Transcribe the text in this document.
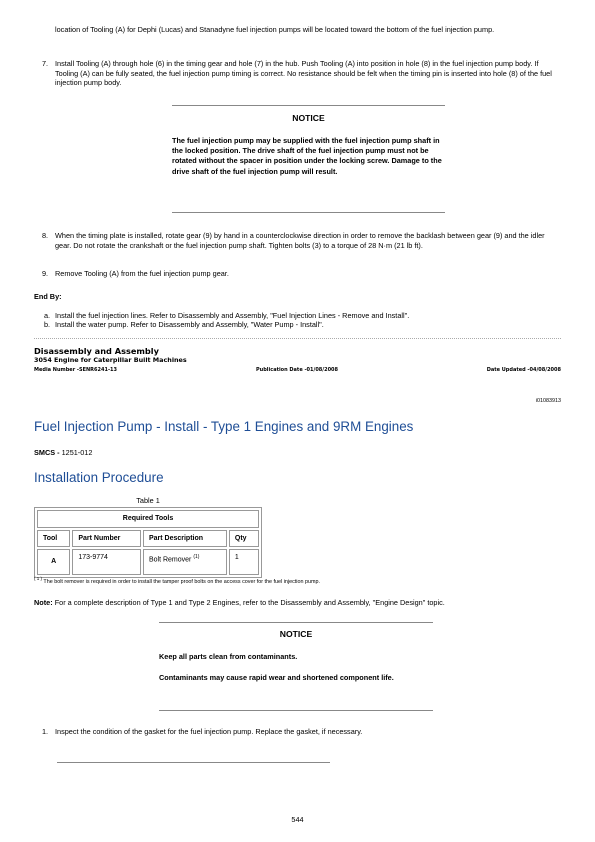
location of Tooling (A) for Dephi (Lucas) and Stanadyne fuel injection pumps will be located toward the bottom of the fuel injection pump.
7. Install Tooling (A) through hole (6) in the timing gear and hole (7) in the hub. Push Tooling (A) into position in hole (8) in the fuel injection pump body. If Tooling (A) can be fully seated, the fuel injection pump timing is correct. No resistance should be felt when the timing pin is inserted into hole (8) of the fuel injection pump body.
NOTICE
The fuel injection pump may be supplied with the fuel injection pump shaft in the locked position. The drive shaft of the fuel injection pump must not be rotated without the spacer in position under the locking screw. Damage to the drive shaft of the fuel injection pump will result.
8. When the timing plate is installed, rotate gear (9) by hand in a counterclockwise direction in order to remove the backlash between gear (9) and the idler gear. Do not rotate the crankshaft or the fuel injection pump shaft. Tighten bolts (3) to a torque of 28 N·m (21 lb ft).
9. Remove Tooling (A) from the fuel injection pump gear.
End By:
a. Install the fuel injection lines. Refer to Disassembly and Assembly, "Fuel Injection Lines - Remove and Install".
b. Install the water pump. Refer to Disassembly and Assembly, "Water Pump - Install".
Disassembly and Assembly
3054 Engine for Caterpillar Built Machines
Media Number -SENR6241-13	Publication Date -01/08/2008	Date Updated -04/08/2008
i01083913
Fuel Injection Pump - Install - Type 1 Engines and 9RM Engines
SMCS - 1251-012
Installation Procedure
Table 1
Required Tools			
Tool	Part Number	Part Description	Qty
A	173-9774	Bolt Remover $^{(1)}$	1
$^{( 1 )}$ The bolt remover is required in order to install the tamper proof bolts on the access cover for the fuel injection pump.
Note: For a complete description of Type 1 and Type 2 Engines, refer to the Disassembly and Assembly, "Engine Design" topic.
NOTICE
Keep all parts clean from contaminants.
Contaminants may cause rapid wear and shortened component life.
1. Inspect the condition of the gasket for the fuel injection pump. Replace the gasket, if necessary.
544
